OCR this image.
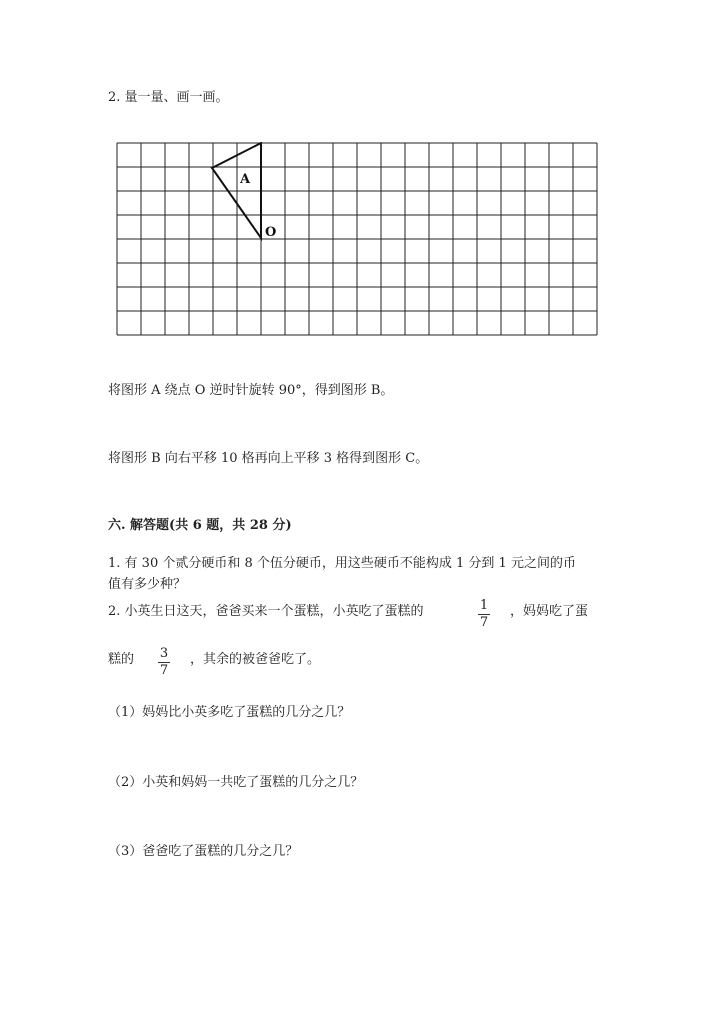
2. 量一量、画一画。
A
O
将图形 A 绕点 O 逆时针旋转 90°，得到图形 B。
将图形 B 向右平移 10 格再向上平移 3 格得到图形 C。
六. 解答题(共 6 题，共 28 分)
1. 有 30 个贰分硬币和 8 个伍分硬币，用这些硬币不能构成 1 分到 1 元之间的币
值有多少种？
2. 小英生日这天，爸爸买来一个蛋糕，小英吃了蛋糕的	1
7
，妈妈吃了蛋
糕的 3
7
，其余的被爸爸吃了。
（1）妈妈比小英多吃了蛋糕的几分之几？
（2）小英和妈妈一共吃了蛋糕的几分之几？
（3）爸爸吃了蛋糕的几分之几？
